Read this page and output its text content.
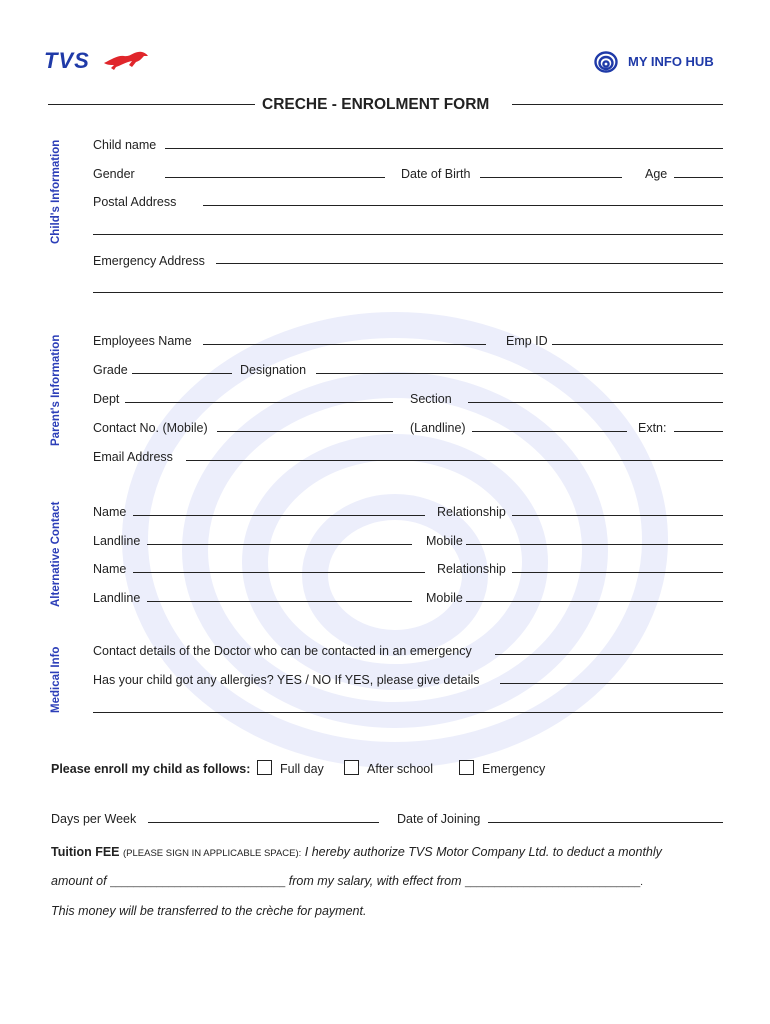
TVS	MY INFO HUB
CRECHE - ENROLMENT FORM
Child's Information
Parent's Information
Alternative Contact
Medical Info
Child name
Gender	Date of Birth	Age
Postal Address
Emergency Address
Employees Name	Emp ID
Grade	Designation
Dept	Section
Contact No. (Mobile)	(Landline)	Extn:
Email Address
Name	Relationship
Landline	Mobile
Name	Relationship
Landline	Mobile
Contact details of the Doctor who can be contacted in an emergency
Has your child got any allergies? YES / NO If YES, please give details
Please enroll my child as follows: Full day	After school	Emergency
Days per Week	Date of Joining
Tuition FEE (PLEASE SIGN IN APPLICABLE SPACE): I hereby authorize TVS Motor Company Ltd. to deduct a monthly
amount of ______________________________ from my salary, with effect from ______________________________.
This money will be transferred to the crèche for payment.
